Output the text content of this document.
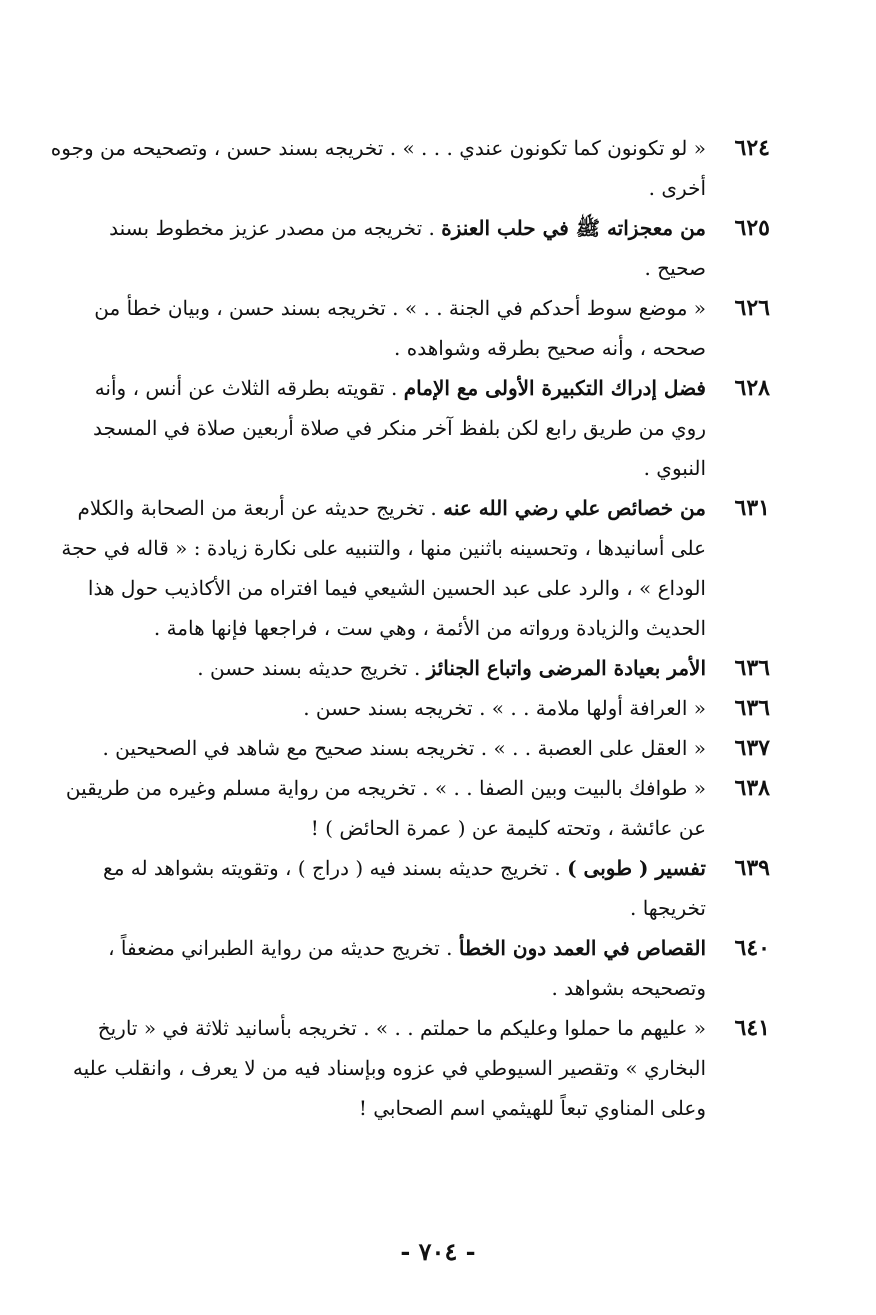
٦٢٤
« لو تكونون كما تكونون عندي . . . » . تخريجه بسند حسن ، وتصحيحه من وجوه
أخرى .
٦٢٥
من معجزاته ﷺ في حلب العنزة . تخريجه من مصدر عزيز مخطوط بسند
صحيح .
٦٢٦
« موضع سوط أحدكم في الجنة . . » . تخريجه بسند حسن ، وبيان خطأ من
صححه ، وأنه صحيح بطرقه وشواهده .
٦٢٨
فضل إدراك التكبيرة الأولى مع الإمام . تقويته بطرقه الثلاث عن أنس ، وأنه
روي من طريق رابع لكن بلفظ آخر منكر في صلاة أربعين صلاة في المسجد
النبوي .
٦٣١
من خصائص علي رضي الله عنه . تخريج حديثه عن أربعة من الصحابة والكلام
على أسانيدها ، وتحسينه باثنين منها ، والتنبيه على نكارة زيادة : « قاله في حجة
الوداع » ، والرد على عبد الحسين الشيعي فيما افتراه من الأكاذيب حول هذا
الحديث والزيادة ورواته من الأئمة ، وهي ست ، فراجعها فإنها هامة .
٦٣٦
الأمر بعيادة المرضى واتباع الجنائز . تخريج حديثه بسند حسن .
٦٣٦
« العرافة أولها ملامة . . » . تخريجه بسند حسن .
٦٣٧
« العقل على العصبة . . » . تخريجه بسند صحيح مع شاهد في الصحيحين .
٦٣٨
« طوافك بالبيت وبين الصفا . . » . تخريجه من رواية مسلم وغيره من طريقين
عن عائشة ، وتحته كليمة عن ( عمرة الحائض ) !
٦٣٩
تفسير ( طوبى ) . تخريج حديثه بسند فيه ( دراج ) ، وتقويته بشواهد له مع
تخريجها .
٦٤٠
القصاص في العمد دون الخطأ . تخريج حديثه من رواية الطبراني مضعفاً ،
وتصحيحه بشواهد .
٦٤١
« عليهم ما حملوا وعليكم ما حملتم . . » . تخريجه بأسانيد ثلاثة في « تاريخ
البخاري » وتقصير السيوطي في عزوه وبإسناد فيه من لا يعرف ، وانقلب عليه
وعلى المناوي تبعاً للهيثمي اسم الصحابي !
- ٧٠٤ -
